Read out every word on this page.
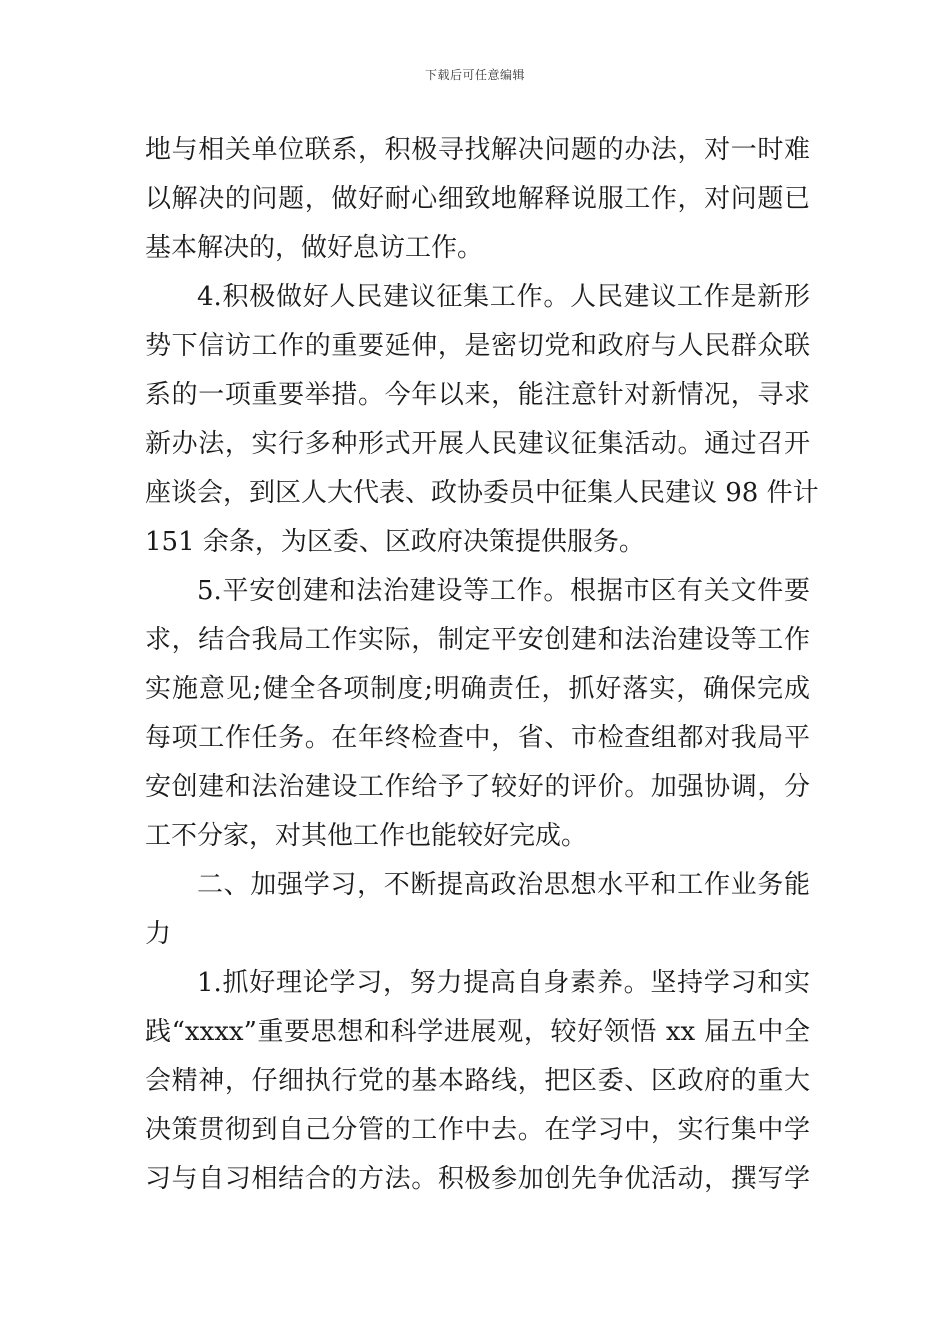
下载后可任意编辑
地与相关单位联系，积极寻找解决问题的办法，对一时难
以解决的问题，做好耐心细致地解释说服工作，对问题已
基本解决的，做好息访工作。
4.积极做好人民建议征集工作。人民建议工作是新形
势下信访工作的重要延伸，是密切党和政府与人民群众联
系的一项重要举措。今年以来，能注意针对新情况，寻求
新办法，实行多种形式开展人民建议征集活动。通过召开
座谈会，到区人大代表、政协委员中征集人民建议 98 件计
151 余条，为区委、区政府决策提供服务。
5.平安创建和法治建设等工作。根据市区有关文件要
求，结合我局工作实际，制定平安创建和法治建设等工作
实施意见;健全各项制度;明确责任，抓好落实，确保完成
每项工作任务。在年终检查中，省、市检查组都对我局平
安创建和法治建设工作给予了较好的评价。加强协调，分
工不分家，对其他工作也能较好完成。
二、加强学习，不断提高政治思想水平和工作业务能
力
1.抓好理论学习，努力提高自身素养。坚持学习和实
践“xxxx”重要思想和科学进展观，较好领悟 xx 届五中全
会精神，仔细执行党的基本路线，把区委、区政府的重大
决策贯彻到自己分管的工作中去。在学习中，实行集中学
习与自习相结合的方法。积极参加创先争优活动，撰写学
